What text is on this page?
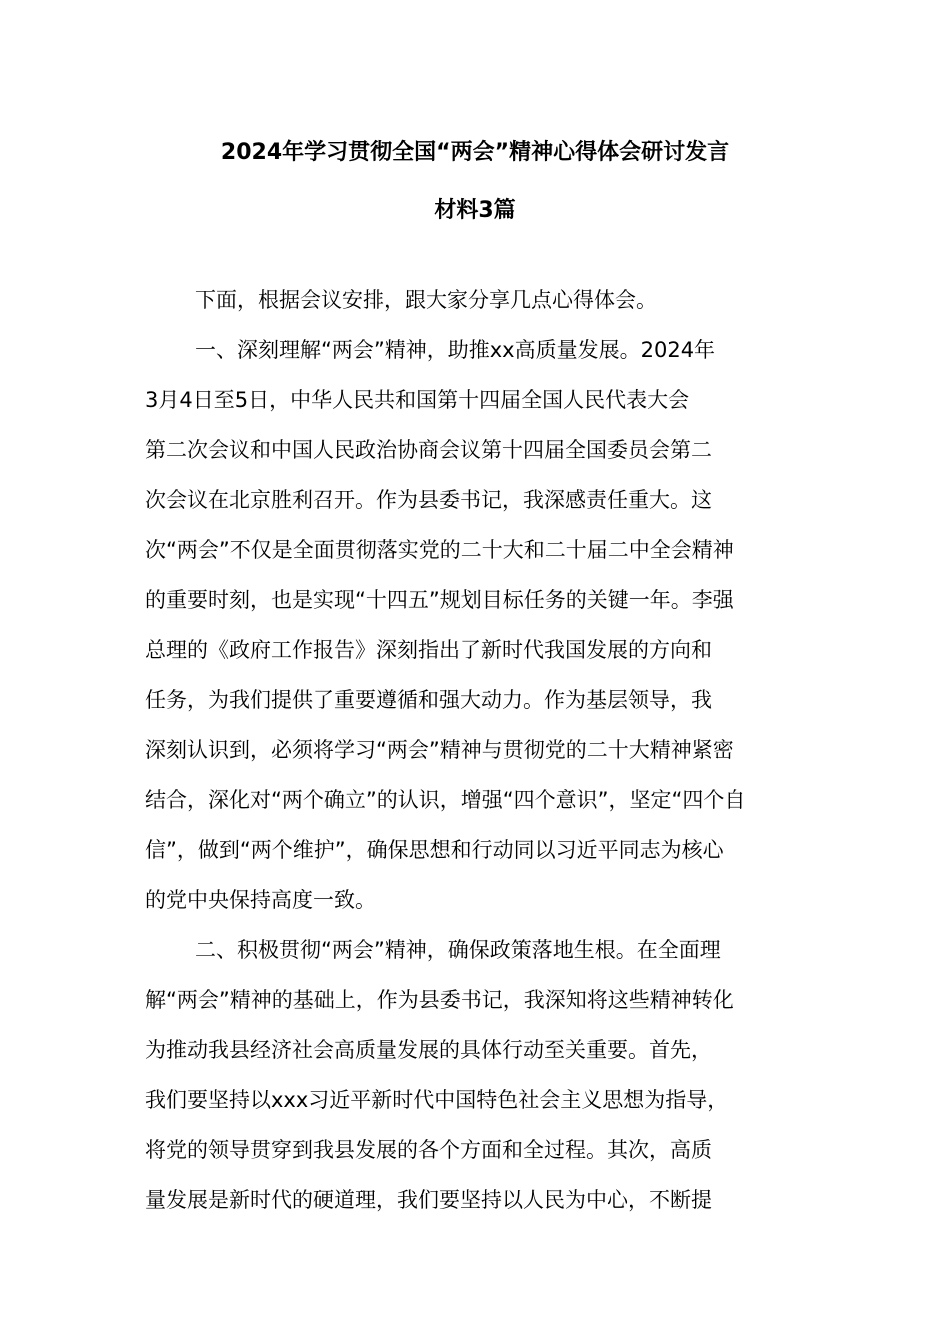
2024年学习贯彻全国“两会”精神心得体会研讨发言
材料3篇
下面，根据会议安排，跟大家分享几点心得体会。
一、深刻理解“两会”精神，助推xx高质量发展。2024年
3月4日至5日，中华人民共和国第十四届全国人民代表大会
第二次会议和中国人民政治协商会议第十四届全国委员会第二
次会议在北京胜利召开。作为县委书记，我深感责任重大。这
次“两会”不仅是全面贯彻落实党的二十大和二十届二中全会精神
的重要时刻，也是实现“十四五”规划目标任务的关键一年。李强
总理的《政府工作报告》深刻指出了新时代我国发展的方向和
任务，为我们提供了重要遵循和强大动力。作为基层领导，我
深刻认识到，必须将学习“两会”精神与贯彻党的二十大精神紧密
结合，深化对“两个确立”的认识，增强“四个意识”，坚定“四个自
信”，做到“两个维护”，确保思想和行动同以习近平同志为核心
的党中央保持高度一致。
二、积极贯彻“两会”精神，确保政策落地生根。在全面理
解“两会”精神的基础上，作为县委书记，我深知将这些精神转化
为推动我县经济社会高质量发展的具体行动至关重要。首先，
我们要坚持以xxx习近平新时代中国特色社会主义思想为指导，
将党的领导贯穿到我县发展的各个方面和全过程。其次，高质
量发展是新时代的硬道理，我们要坚持以人民为中心，不断提
